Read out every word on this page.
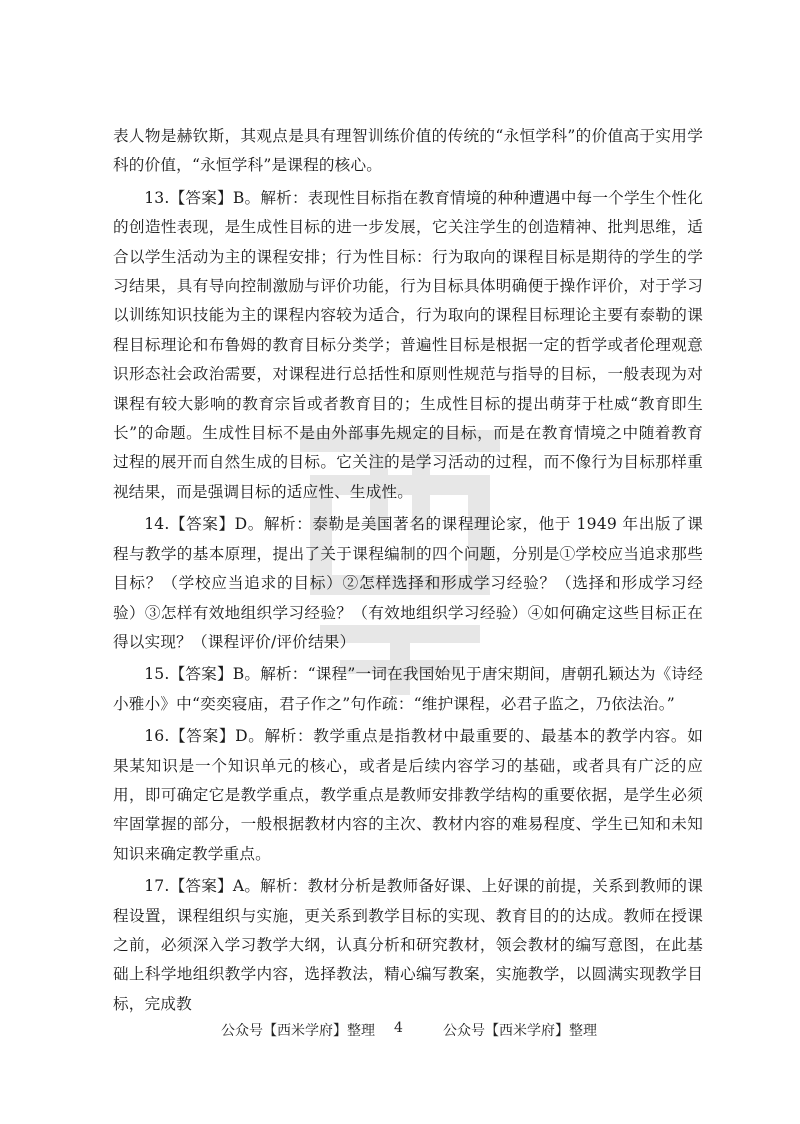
表人物是赫钦斯，其观点是具有理智训练价值的传统的“永恒学科”的价值高于实用学科的价值，“永恒学科”是课程的核心。

13.【答案】B。解析：表现性目标指在教育情境的种种遭遇中每一个学生个性化的创造性表现，是生成性目标的进一步发展，它关注学生的创造精神、批判思维，适合以学生活动为主的课程安排；行为性目标：行为取向的课程目标是期待的学生的学习结果，具有导向控制激励与评价功能，行为目标具体明确便于操作评价，对于学习以训练知识技能为主的课程内容较为适合，行为取向的课程目标理论主要有泰勒的课程目标理论和布鲁姆的教育目标分类学；普遍性目标是根据一定的哲学或者伦理观意识形态社会政治需要，对课程进行总括性和原则性规范与指导的目标，一般表现为对课程有较大影响的教育宗旨或者教育目的；生成性目标的提出萌芽于杜威“教育即生长”的命题。生成性目标不是由外部事先规定的目标，而是在教育情境之中随着教育过程的展开而自然生成的目标。它关注的是学习活动的过程，而不像行为目标那样重视结果，而是强调目标的适应性、生成性。

14.【答案】D。解析：泰勒是美国著名的课程理论家，他于 1949 年出版了课程与教学的基本原理，提出了关于课程编制的四个问题，分别是①学校应当追求那些目标？（学校应当追求的目标）②怎样选择和形成学习经验？（选择和形成学习经验）③怎样有效地组织学习经验？（有效地组织学习经验）④如何确定这些目标正在得以实现？（课程评价/评价结果）

15.【答案】B。解析：“课程”一词在我国始见于唐宋期间，唐朝孔颖达为《诗经小雅小》中“奕奕寝庙，君子作之”句作疏：“维护课程，必君子监之，乃依法治。”

16.【答案】D。解析：教学重点是指教材中最重要的、最基本的教学内容。如果某知识是一个知识单元的核心，或者是后续内容学习的基础，或者具有广泛的应用，即可确定它是教学重点，教学重点是教师安排教学结构的重要依据，是学生必须牢固掌握的部分，一般根据教材内容的主次、教材内容的难易程度、学生已知和未知知识来确定教学重点。

17.【答案】A。解析：教材分析是教师备好课、上好课的前提，关系到教师的课程设置，课程组织与实施，更关系到教学目标的实现、教育目的的达成。教师在授课之前，必须深入学习教学大纲，认真分析和研究教材，领会教材的编写意图，在此基础上科学地组织教学内容，选择教法，精心编写教案，实施教学，以圆满实现教学目标，完成教

公众号【西米学府】整理 4	公众号【西米学府】整理
